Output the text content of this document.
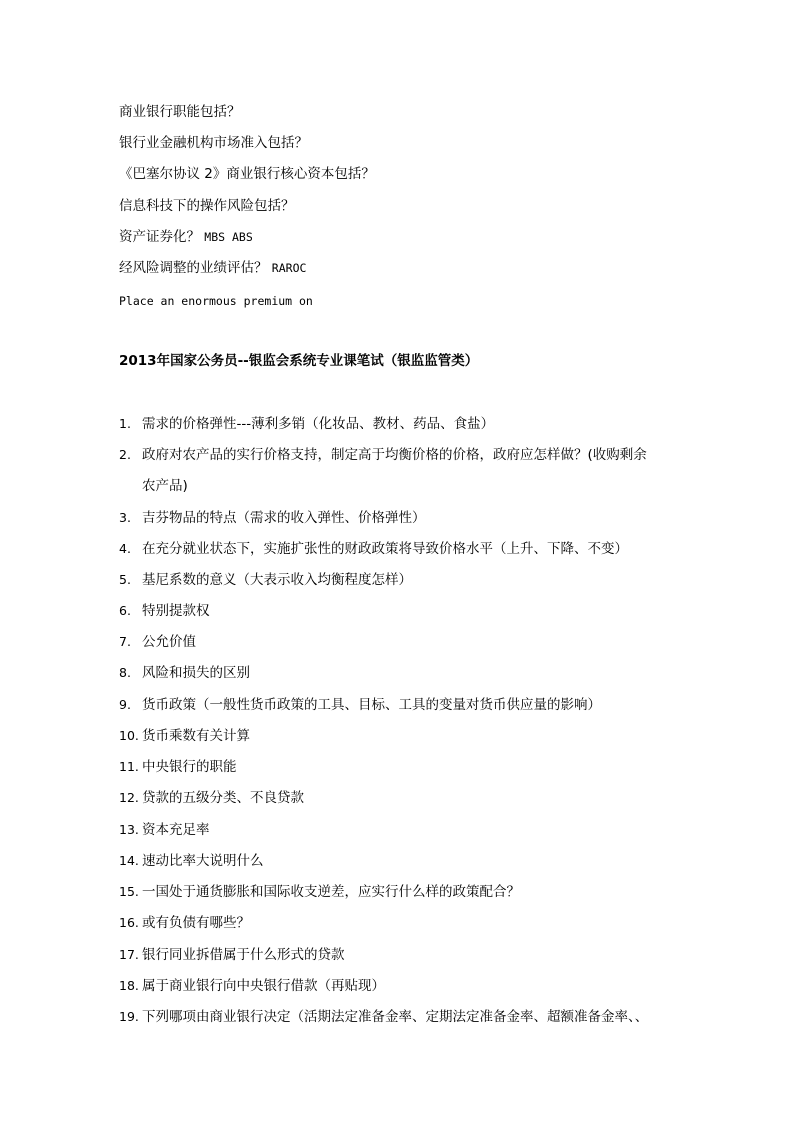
商业银行职能包括？
银行业金融机构市场准入包括？
《巴塞尔协议 2》商业银行核心资本包括？
信息科技下的操作风险包括？
资产证券化？ MBS ABS
经风险调整的业绩评估？ RAROC
Place an enormous premium on
2013年国家公务员--银监会系统专业课笔试（银监监管类）
1. 需求的价格弹性---薄利多销（化妆品、教材、药品、食盐）
2. 政府对农产品的实行价格支持，制定高于均衡价格的价格，政府应怎样做？(收购剩余
农产品)
3. 吉芬物品的特点（需求的收入弹性、价格弹性）
4. 在充分就业状态下，实施扩张性的财政政策将导致价格水平（上升、下降、不变）
5. 基尼系数的意义（大表示收入均衡程度怎样）
6. 特别提款权
7. 公允价值
8. 风险和损失的区别
9. 货币政策（一般性货币政策的工具、目标、工具的变量对货币供应量的影响）
10. 货币乘数有关计算
11. 中央银行的职能
12. 贷款的五级分类、不良贷款
13. 资本充足率
14. 速动比率大说明什么
15. 一国处于通货膨胀和国际收支逆差，应实行什么样的政策配合？
16. 或有负债有哪些？
17. 银行同业拆借属于什么形式的贷款
18. 属于商业银行向中央银行借款（再贴现）
19. 下列哪项由商业银行决定（活期法定准备金率、定期法定准备金率、超额准备金率、、
